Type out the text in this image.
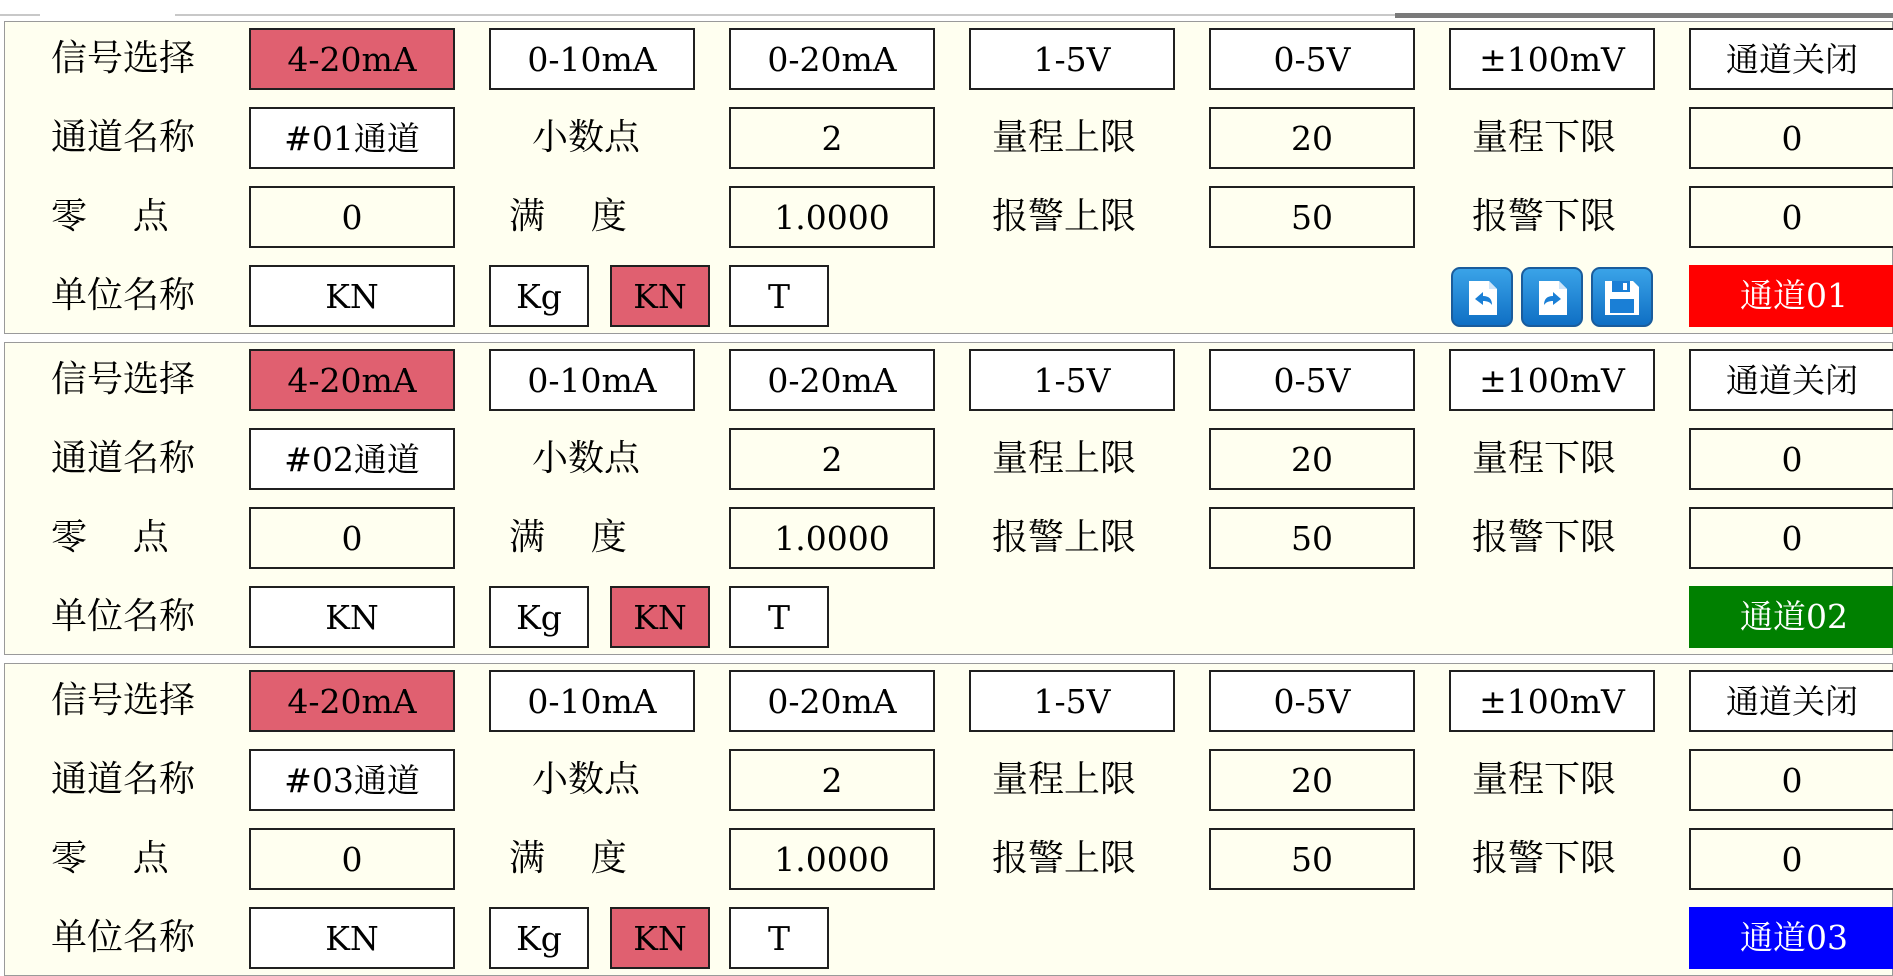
信号选择	4-20mA	0-10mA	0-20mA	1-5V	0-5V	±100mV	通道关闭
通道名称	#01通道	小数点	2	量程上限	20	量程下限	0
零    点	0	满    度	1.0000	报警上限	50	报警下限	0
单位名称	KN	Kg	KN	T	通道01
信号选择	4-20mA	0-10mA	0-20mA	1-5V	0-5V	±100mV	通道关闭
通道名称	#02通道	小数点	2	量程上限	20	量程下限	0
零    点	0	满    度	1.0000	报警上限	50	报警下限	0
单位名称	KN	Kg	KN	T	通道02
信号选择	4-20mA	0-10mA	0-20mA	1-5V	0-5V	±100mV	通道关闭
通道名称	#03通道	小数点	2	量程上限	20	量程下限	0
零    点	0	满    度	1.0000	报警上限	50	报警下限	0
单位名称	KN	Kg	KN	T	通道03
